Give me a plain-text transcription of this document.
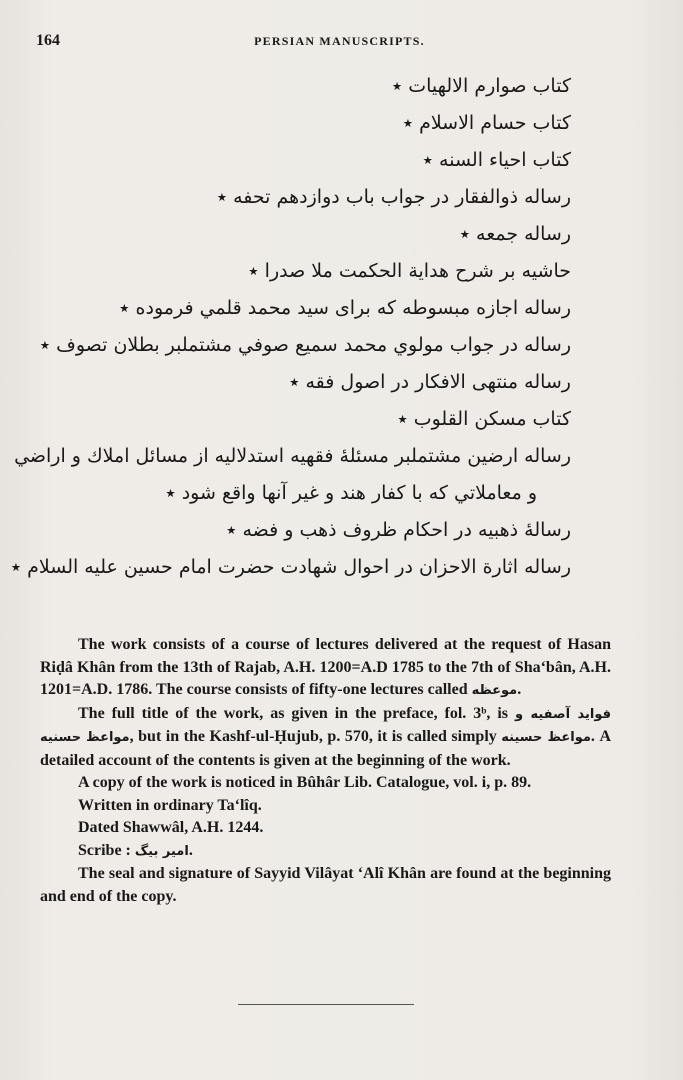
164	PERSIAN MANUSCRIPTS.
كتاب صوارم الالهيات ٭
كتاب حسام الاسلام ٭
كتاب احياء السنه ٭
رساله ذوالفقار در جواب باب دوازدهم تحفه ٭
رساله جمعه ٭
حاشيه بر شرح هداية الحكمت ملا صدرا ٭
رساله اجازه مبسوطه كه براى سيد محمد قلمي فرموده ٭
رساله در جواب مولوي محمد سميع صوفي مشتملبر بطلان تصوف ٭
رساله منتهى الافكار در اصول فقه ٭
كتاب مسكن القلوب ٭
رساله ارضين مشتملبر مسئلۀ فقهيه استدلاليه از مسائل املاك و اراضي
و معاملاتي كه با كفار هند و غير آنها واقع شود ٭
رسالۀ ذهبيه در احكام ظروف ذهب و فضه ٭
رساله اثارة الاحزان در احوال شهادت حضرت امام حسين عليه السلام ٭

The work consists of a course of lectures delivered at the request of Hasan Riḍâ Khân from the 13th of Rajab, A.H. 1200=A.D 1785 to the 7th of Sha‘bân, A.H. 1201=A.D. 1786. The course consists of fifty-one lectures called موعظه.

The full title of the work, as given in the preface, fol. 3ᵇ, is فوايد آصفيه و مواعظ حسنيه, but in the Kashf-ul-Ḥujub, p. 570, it is called simply مواعظ حسينه. A detailed account of the contents is given at the beginning of the work.

A copy of the work is noticed in Bûhâr Lib. Catalogue, vol. i, p. 89.

Written in ordinary Ta‘lîq.

Dated Shawwâl, A.H. 1244.

Scribe : امير بيگ.

The seal and signature of Sayyid Vilâyat ‘Alî Khân are found at the beginning and end of the copy.
